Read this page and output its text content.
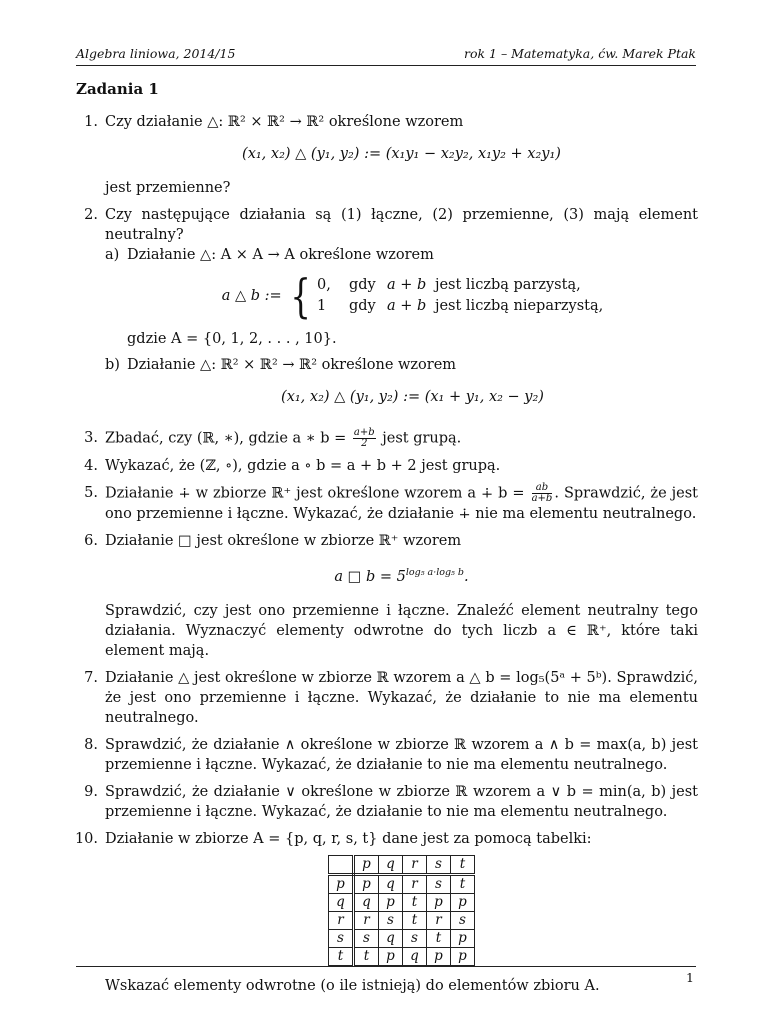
Algebra liniowa, 2014/15	rok 1 – Matematyka, ćw. Marek Ptak
Zadania 1
1. Czy działanie △: ℝ² × ℝ² → ℝ² określone wzorem
(x₁, x₂) △ (y₁, y₂) := (x₁y₁ − x₂y₂, x₁y₂ + x₂y₁)
jest przemienne?
2. Czy następujące działania są (1) łączne, (2) przemienne, (3) mają element neutralny?
a) Działanie △: A × A → A określone wzorem
a △ b := { 0, gdy a + b jest liczbą parzystą,
1 gdy a + b jest liczbą nieparzystą,
gdzie A = {0, 1, 2, . . . , 10}.
b) Działanie △: ℝ² × ℝ² → ℝ² określone wzorem
(x₁, x₂) △ (y₁, y₂) := (x₁ + y₁, x₂ − y₂)
3. Zbadać, czy (ℝ, ∗), gdzie a ∗ $b = \frac{a+b}{2}$ jest grupą.
4. Wykazać, że (ℤ, ∘), gdzie a ∘ b = a + b + 2 jest grupą.
5. Działanie ∔ w zbiorze ℝ⁺ jest określone wzorem a ∔ $b = \frac{ab}{a+b}$ . Sprawdzić, że jest ono przemienne i łączne. Wykazać, że działanie ∔ nie ma elementu neutralnego.
6. Działanie □ jest określone w zbiorze ℝ⁺ wzorem
a □ $b = 5^{log_5 a\cdot log_5 b}$.
Sprawdzić, czy jest ono przemienne i łączne. Znaleźć element neutralny tego działania. Wyznaczyć elementy odwrotne do tych liczb a ∈ ℝ⁺, które taki element mają.
7. Działanie △ jest określone w zbiorze ℝ wzorem a △ b = log₅(5ᵃ + 5ᵇ). Sprawdzić, że jest ono przemienne i łączne. Wykazać, że działanie to nie ma elementu neutralnego.
8. Sprawdzić, że działanie ∧ określone w zbiorze ℝ wzorem a ∧ b = max(a, b) jest przemienne i łączne. Wykazać, że działanie to nie ma elementu neutralnego.
9. Sprawdzić, że działanie ∨ określone w zbiorze ℝ wzorem a ∨ b = min(a, b) jest przemienne i łączne. Wykazać, że działanie to nie ma elementu neutralnego.
10. Działanie w zbiorze A = {p, q, r, s, t} dane jest za pomocą tabelki:
	p	q	r	s	t
p	p	q	r	s	t
q	q	p	t	p	p
r	r	s	t	r	s
s	s	q	s	t	p
t	t	p	q	p	p
Wskazać elementy odwrotne (o ile istnieją) do elementów zbioru A.
1
